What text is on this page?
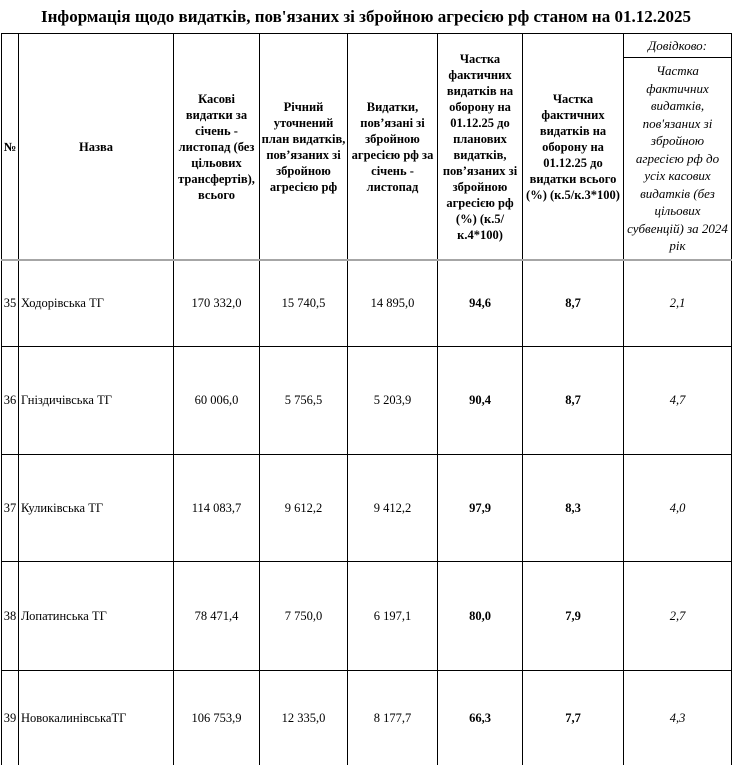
Інформація щодо видатків, пов'язаних зі збройною агресією рф станом на 01.12.2025
№	Назва	Касові видатки за січень - листопад (без цільових трансфертів), всього	Річний уточнений план видатків, пов’язаних зі збройною агресією рф	Видатки, пов’язані зі збройною агресією рф за січень - листопад	Частка фактичних видатків на оборону на 01.12.25 до планових видатків, пов’язаних зі збройною агресією рф (%) (к.5/к.4*100)	Частка фактичних видатків на оборону на 01.12.25 до видатки всього (%) (к.5/к.3*100)	Довідково:
							Частка фактичних видатків, пов'язаних зі збройною агресією рф до усіх касових видатків (без цільових субвенцій) за 2024 рік
35	Ходорівська ТГ	170 332,0	15 740,5	14 895,0	94,6	8,7	2,1
36	Гніздичівська ТГ	60 006,0	5 756,5	5 203,9	90,4	8,7	4,7
37	Куликівська ТГ	114 083,7	9 612,2	9 412,2	97,9	8,3	4,0
38	Лопатинська ТГ	78 471,4	7 750,0	6 197,1	80,0	7,9	2,7
39	НовокалинівськаТГ	106 753,9	12 335,0	8 177,7	66,3	7,7	4,3
